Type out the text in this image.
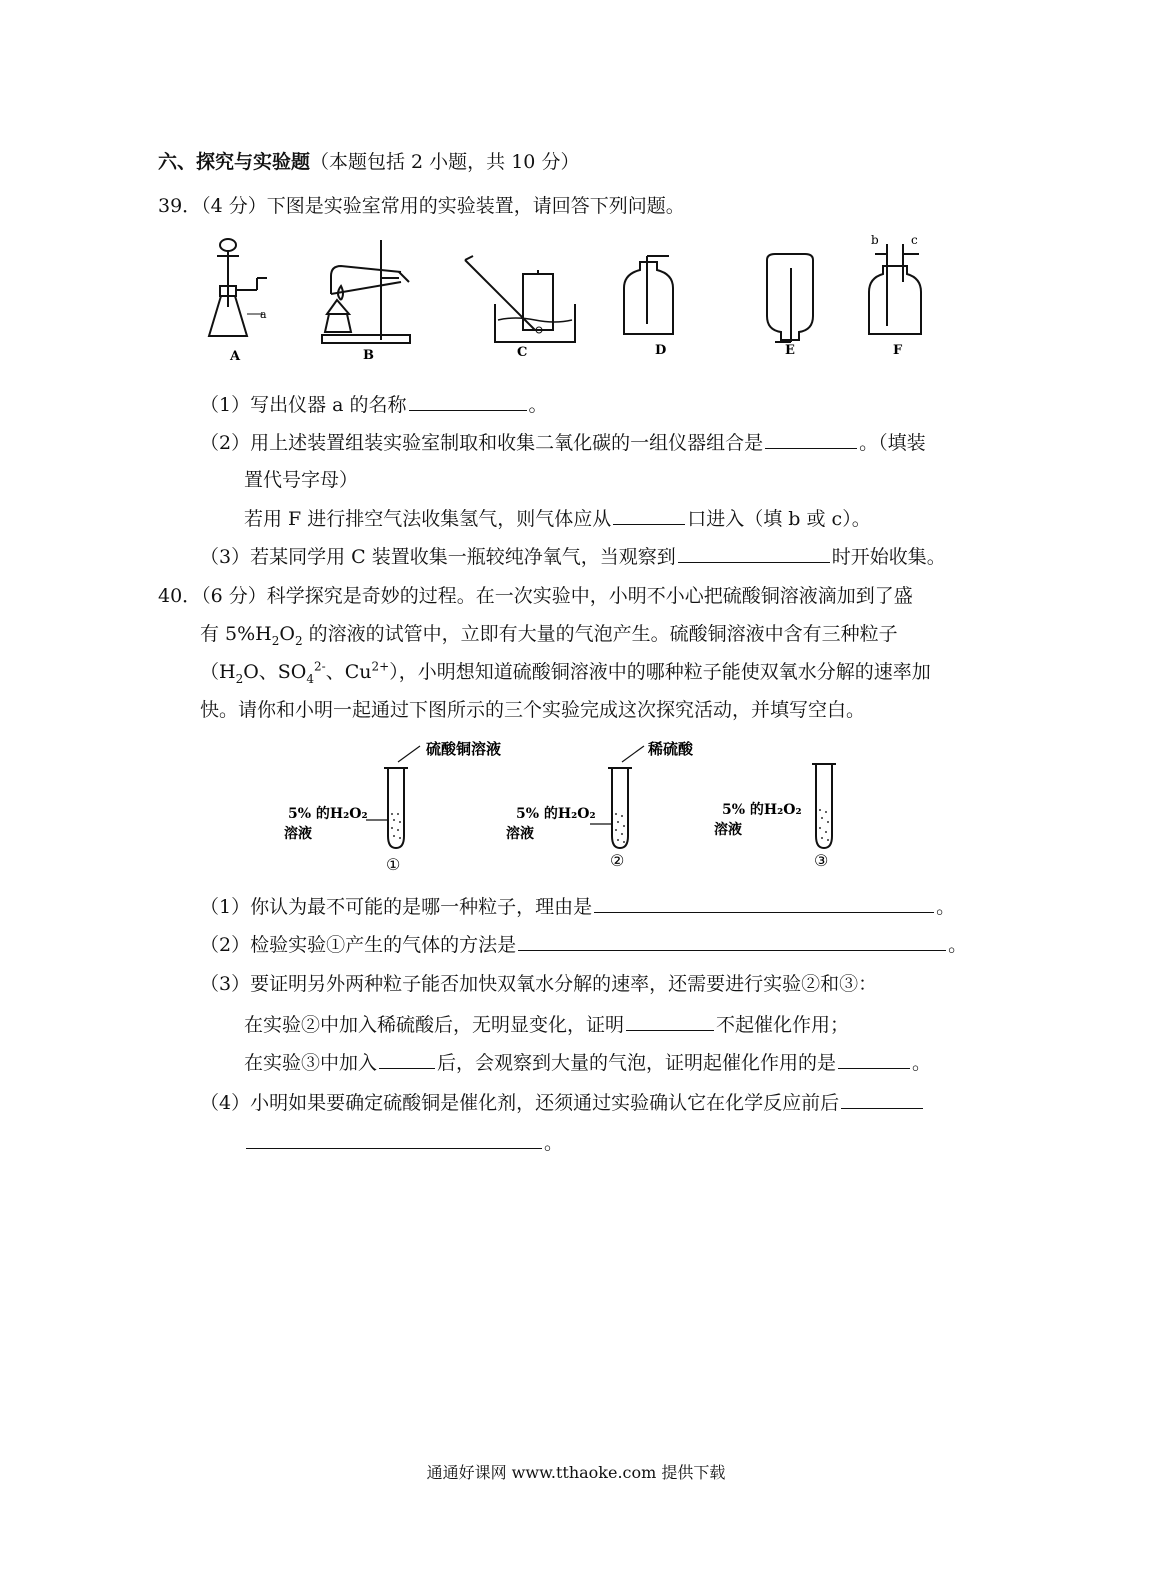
六、探究与实验题（本题包括 2 小题，共 10 分）
39．（4 分）下图是实验室常用的实验装置，请回答下列问题。
a
b	c
A	B	C	D	E	F
（1）写出仪器 a 的名称	。
（2）用上述装置组装实验室制取和收集二氧化碳的一组仪器组合是	。（填装
置代号字母）
若用 F 进行排空气法收集氢气，则气体应从	口进入（填 b 或 c）。
（3）若某同学用 C 装置收集一瓶较纯净氧气，当观察到	时开始收集。
40．（6 分）科学探究是奇妙的过程。在一次实验中，小明不小心把硫酸铜溶液滴加到了盛
有 $5\%H_2O_2$ 的溶液的试管中，立即有大量的气泡产生。硫酸铜溶液中含有三种粒子
（$H_2O$、$SO_4^{2-}$、$Cu^{2+}$），小明想知道硫酸铜溶液中的哪种粒子能使双氧水分解的速率加
快。请你和小明一起通过下图所示的三个实验完成这次探究活动，并填写空白。
硫酸铜溶液	稀硫酸
5% 的H₂O₂
溶液
5% 的H₂O₂
溶液
5% 的H₂O₂
溶液
①	②	③
（1）你认为最不可能的是哪一种粒子，理由是	。
（2）检验实验①产生的气体的方法是	。
（3）要证明另外两种粒子能否加快双氧水分解的速率，还需要进行实验②和③：
在实验②中加入稀硫酸后，无明显变化，证明	不起催化作用；
在实验③中加入	后，会观察到大量的气泡，证明起催化作用的是	。
（4）小明如果要确定硫酸铜是催化剂，还须通过实验确认它在化学反应前后
。
通通好课网 www.tthaoke.com 提供下载
